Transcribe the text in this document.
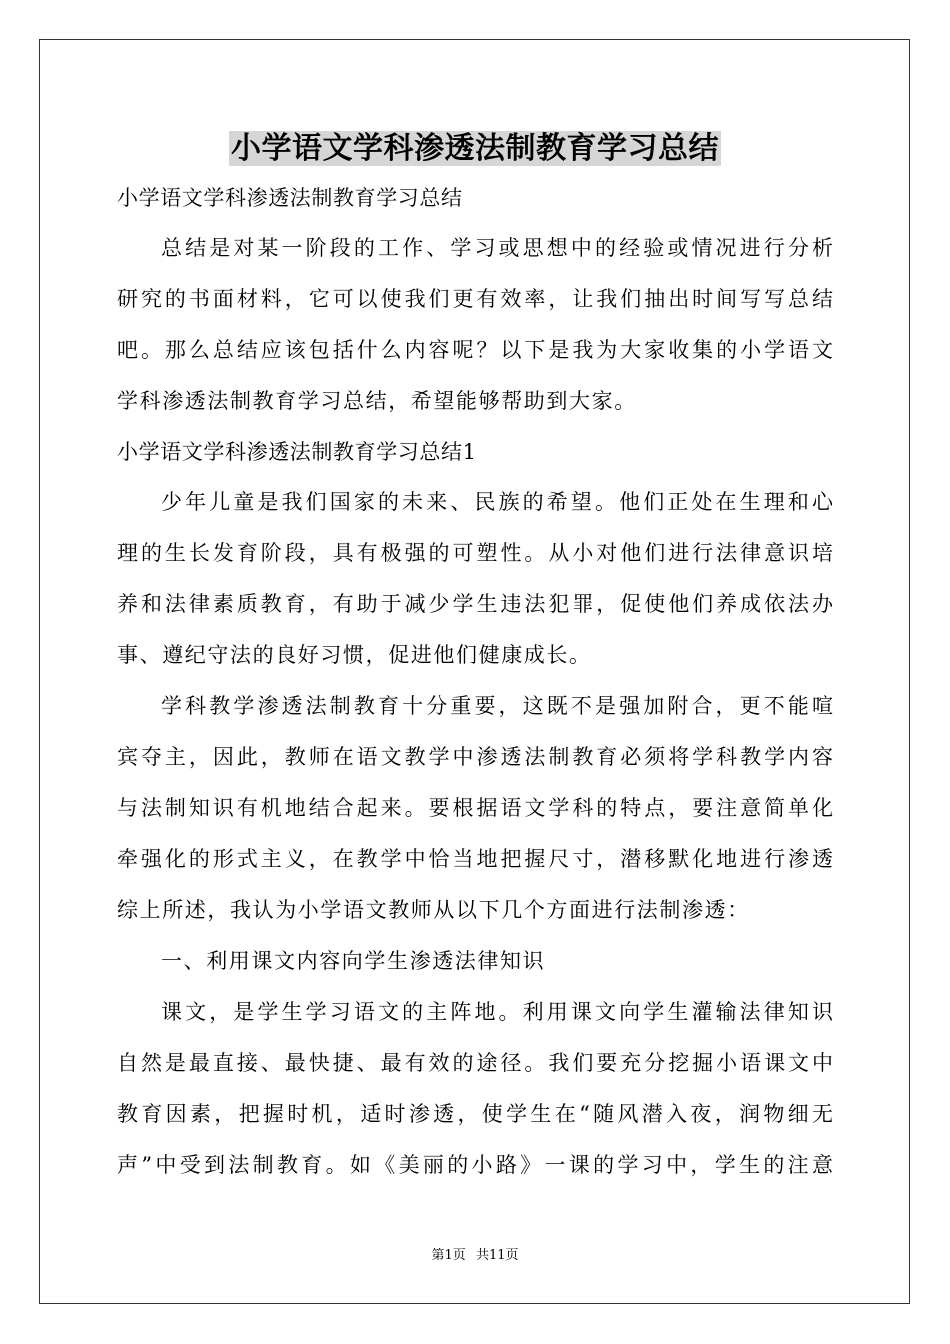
小学语文学科渗透法制教育学习总结
小学语文学科渗透法制教育学习总结
总结是对某一阶段的工作、学习或思想中的经验或情况进行分析
研究的书面材料，它可以使我们更有效率，让我们抽出时间写写总结
吧。那么总结应该包括什么内容呢？以下是我为大家收集的小学语文
学科渗透法制教育学习总结，希望能够帮助到大家。
小学语文学科渗透法制教育学习总结1
少年儿童是我们国家的未来、民族的希望。他们正处在生理和心
理的生长发育阶段，具有极强的可塑性。从小对他们进行法律意识培
养和法律素质教育，有助于减少学生违法犯罪，促使他们养成依法办
事、遵纪守法的良好习惯，促进他们健康成长。
学科教学渗透法制教育十分重要，这既不是强加附合，更不能喧
宾夺主，因此，教师在语文教学中渗透法制教育必须将学科教学内容
与法制知识有机地结合起来。要根据语文学科的特点，要注意简单化
牵强化的形式主义，在教学中恰当地把握尺寸，潜移默化地进行渗透
综上所述，我认为小学语文教师从以下几个方面进行法制渗透：
一、利用课文内容向学生渗透法律知识
课文，是学生学习语文的主阵地。利用课文向学生灌输法律知识
自然是最直接、最快捷、最有效的途径。我们要充分挖掘小语课文中
教育因素，把握时机，适时渗透，使学生在“随风潜入夜，润物细无
声”中受到法制教育。如《美丽的小路》一课的学习中，学生的注意
第1页 共11页
